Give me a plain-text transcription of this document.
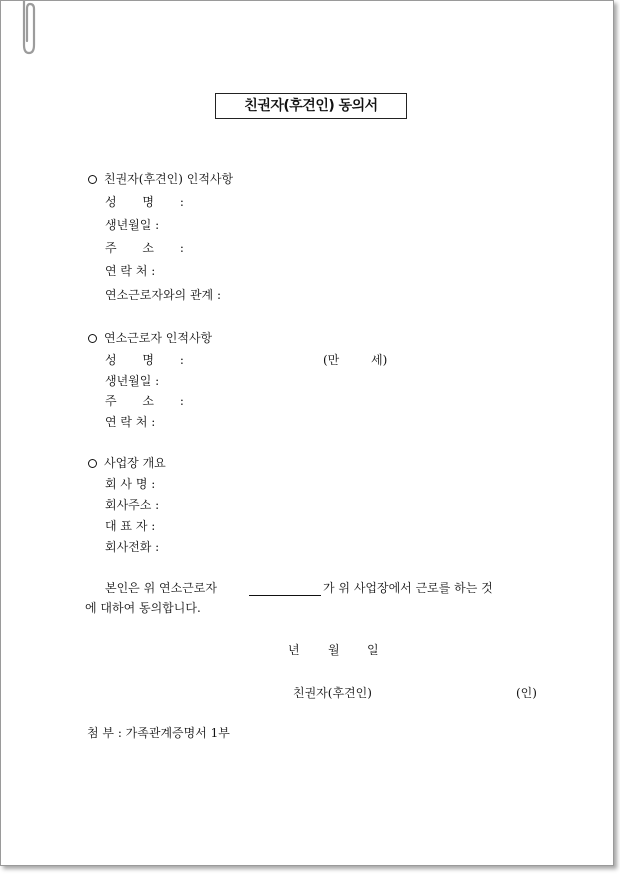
친권자(후견인) 동의서
친권자(후견인) 인적사항
성 명 :
생년월일 :
주 소 :
연 락 처 :
연소근로자와의 관계 :
연소근로자 인적사항
성 명 :	(만	세)
생년월일 :
주 소 :
연 락 처 :
사업장 개요
회 사 명 :
회사주소 :
대 표 자 :
회사전화 :
본인은 위 연소근로자	가 위 사업장에서 근로를 하는 것
에 대하여 동의합니다.
년 월 일
친권자(후견인)	(인)
첨 부 : 가족관계증명서 1부
